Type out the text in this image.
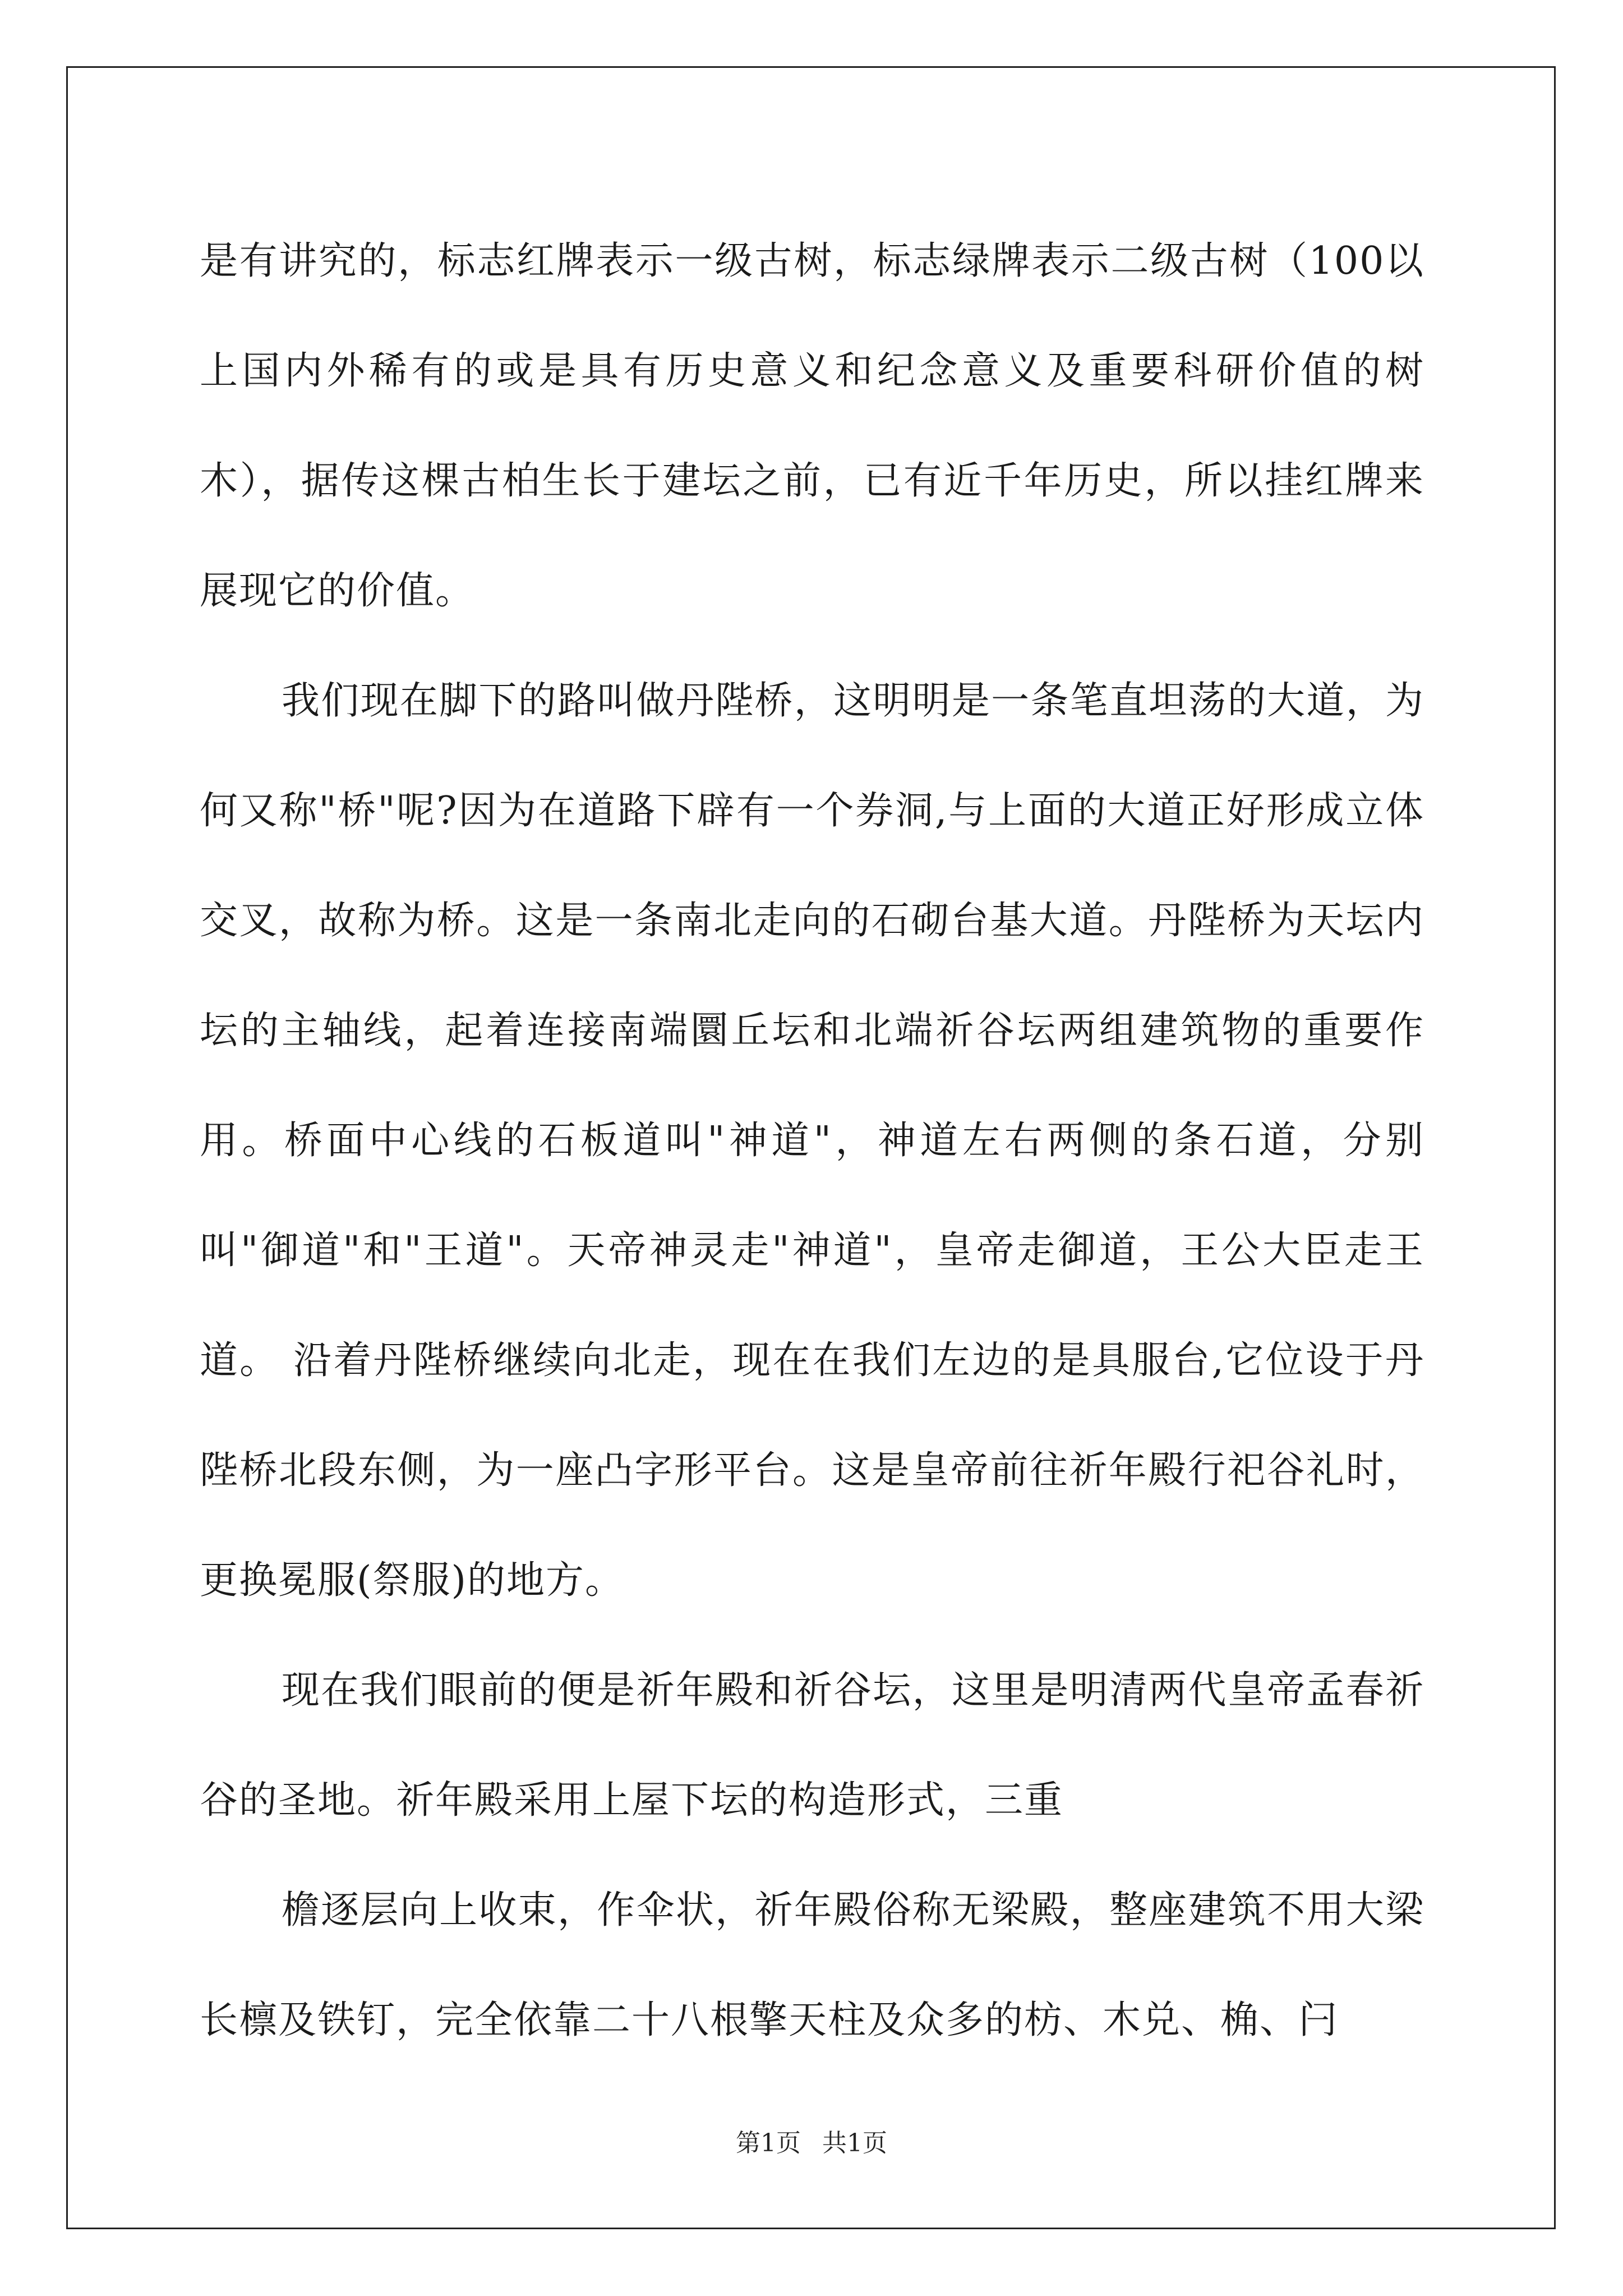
是有讲究的，标志红牌表示一级古树，标志绿牌表示二级古树（100以上国内外稀有的或是具有历史意义和纪念意义及重要科研价值的树木），据传这棵古柏生长于建坛之前，已有近千年历史，所以挂红牌来展现它的价值。

我们现在脚下的路叫做丹陛桥，这明明是一条笔直坦荡的大道，为何又称"桥"呢?因为在道路下辟有一个券洞,与上面的大道正好形成立体交叉，故称为桥。这是一条南北走向的石砌台基大道。丹陛桥为天坛内坛的主轴线，起着连接南端圜丘坛和北端祈谷坛两组建筑物的重要作用。桥面中心线的石板道叫"神道"，神道左右两侧的条石道，分别叫"御道"和"王道"。天帝神灵走"神道"，皇帝走御道，王公大臣走王道。 沿着丹陛桥继续向北走，现在在我们左边的是具服台,它位设于丹陛桥北段东侧，为一座凸字形平台。这是皇帝前往祈年殿行祀谷礼时，更换冕服(祭服)的地方。

现在我们眼前的便是祈年殿和祈谷坛，这里是明清两代皇帝孟春祈谷的圣地。祈年殿采用上屋下坛的构造形式，三重

檐逐层向上收束，作伞状，祈年殿俗称无梁殿，整座建筑不用大梁长檩及铁钉，完全依靠二十八根擎天柱及众多的枋、木兑、桷、闩

第1页 共1页
